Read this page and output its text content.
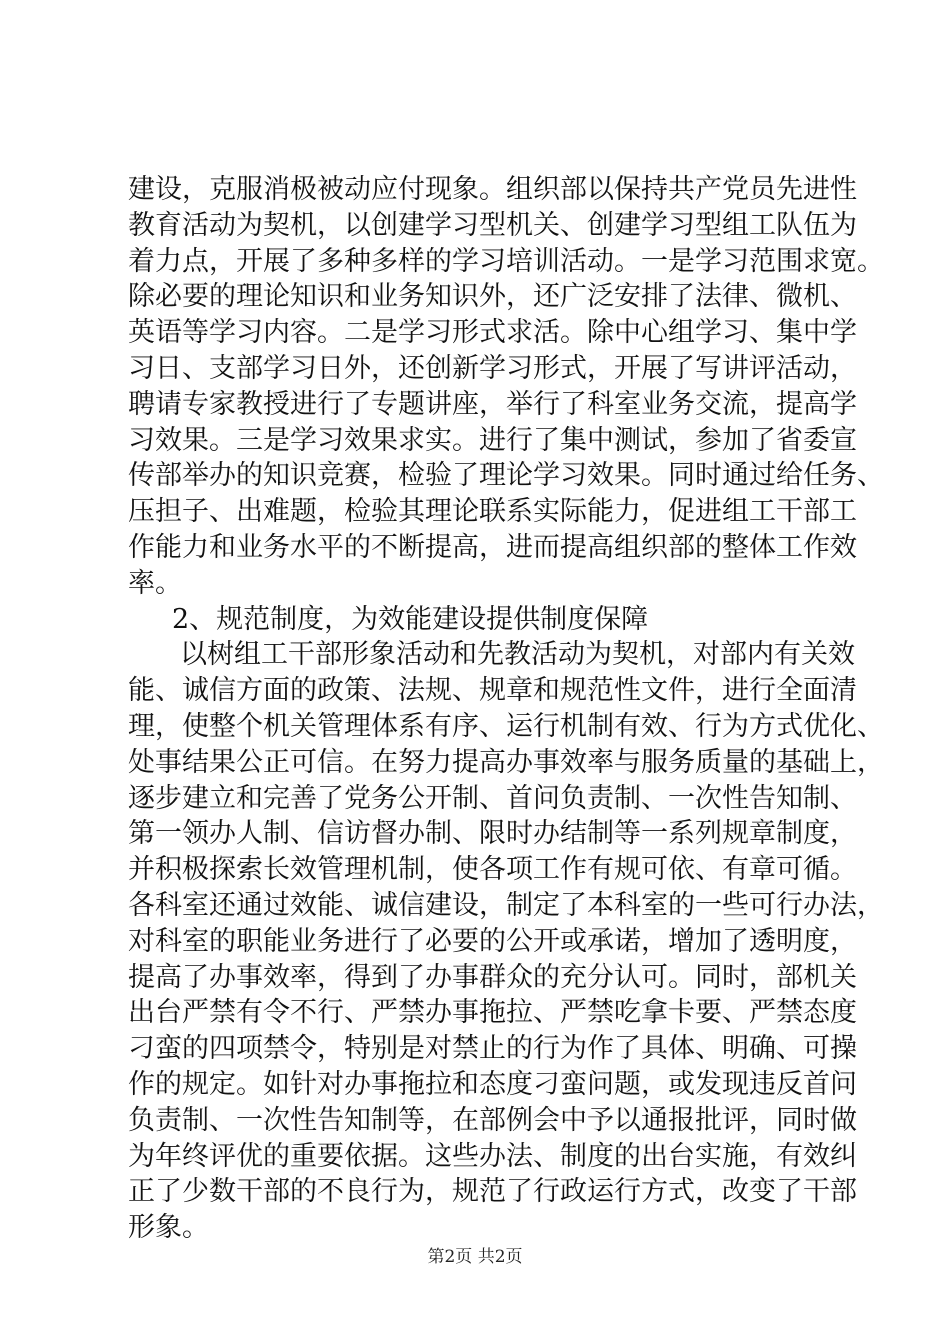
建设，克服消极被动应付现象。组织部以保持共产党员先进性
教育活动为契机，以创建学习型机关、创建学习型组工队伍为
着力点，开展了多种多样的学习培训活动。一是学习范围求宽。
除必要的理论知识和业务知识外，还广泛安排了法律、微机、
英语等学习内容。二是学习形式求活。除中心组学习、集中学
习日、支部学习日外，还创新学习形式，开展了写讲评活动，
聘请专家教授进行了专题讲座，举行了科室业务交流，提高学
习效果。三是学习效果求实。进行了集中测试，参加了省委宣
传部举办的知识竞赛，检验了理论学习效果。同时通过给任务、
压担子、出难题，检验其理论联系实际能力，促进组工干部工
作能力和业务水平的不断提高，进而提高组织部的整体工作效
率。
2、规范制度，为效能建设提供制度保障
以树组工干部形象活动和先教活动为契机，对部内有关效
能、诚信方面的政策、法规、规章和规范性文件，进行全面清
理，使整个机关管理体系有序、运行机制有效、行为方式优化、
处事结果公正可信。在努力提高办事效率与服务质量的基础上，
逐步建立和完善了党务公开制、首问负责制、一次性告知制、
第一领办人制、信访督办制、限时办结制等一系列规章制度，
并积极探索长效管理机制，使各项工作有规可依、有章可循。
各科室还通过效能、诚信建设，制定了本科室的一些可行办法，
对科室的职能业务进行了必要的公开或承诺，增加了透明度，
提高了办事效率，得到了办事群众的充分认可。同时，部机关
出台严禁有令不行、严禁办事拖拉、严禁吃拿卡要、严禁态度
刁蛮的四项禁令，特别是对禁止的行为作了具体、明确、可操
作的规定。如针对办事拖拉和态度刁蛮问题，或发现违反首问
负责制、一次性告知制等，在部例会中予以通报批评，同时做
为年终评优的重要依据。这些办法、制度的出台实施，有效纠
正了少数干部的不良行为，规范了行政运行方式，改变了干部
形象。
第2页 共2页
